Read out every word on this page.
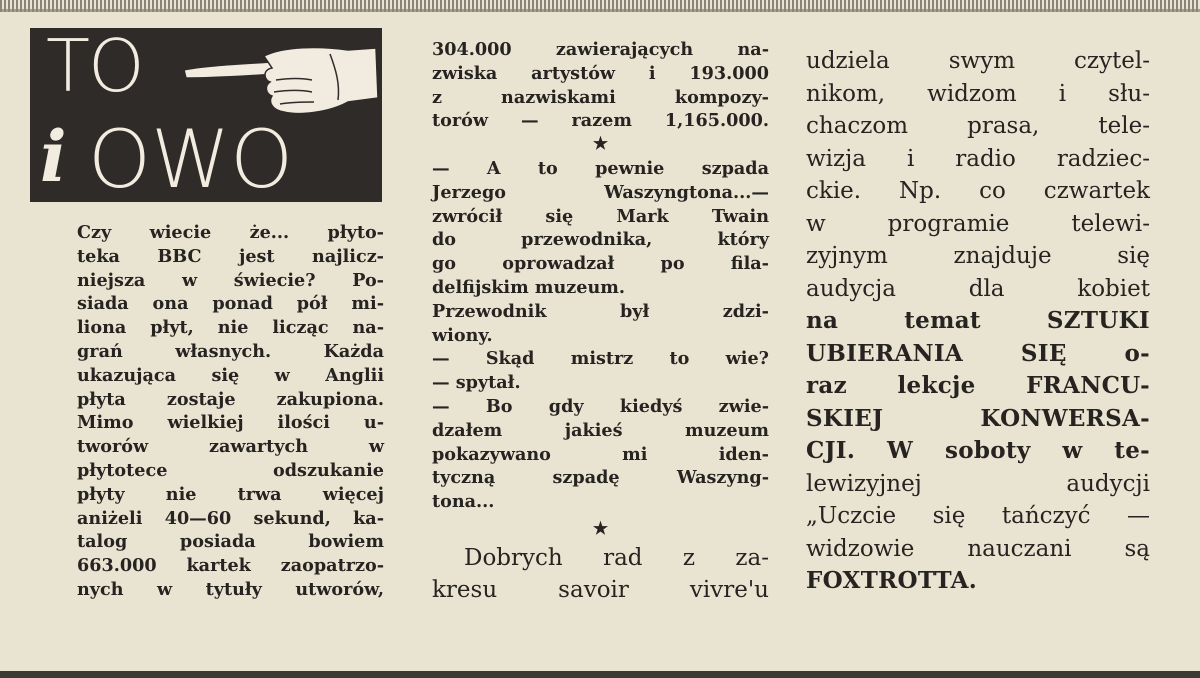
TO
i OWO

Czy wiecie że... płyto-

teka BBC jest najlicz-

niejsza w świecie? Po-

siada ona ponad pół mi-

liona płyt, nie licząc na-

grań własnych. Każda

ukazująca się w Anglii

płyta zostaje zakupiona.

Mimo wielkiej ilości u-

tworów zawartych w

płytotece odszukanie

płyty nie trwa więcej

aniżeli 40—60 sekund, ka-

talog posiada bowiem

663.000 kartek zaopatrzo-

nych w tytuły utworów,

304.000 zawierających na-

zwiska artystów i 193.000

z nazwiskami kompozy-

torów — razem 1,165.000.

★

— A to pewnie szpada

Jerzego Waszyngtona...—

zwrócił się Mark Twain

do przewodnika, który

go oprowadzał po fila-

delfijskim muzeum.

Przewodnik był zdzi-

wiony.

— Skąd mistrz to wie?

— spytał.

— Bo gdy kiedyś zwie-

dzałem jakieś muzeum

pokazywano mi iden-

tyczną szpadę Waszyng-

tona...

★

Dobrych rad z za-

kresu savoir vivre'u

udziela swym czytel-

nikom, widzom i słu-

chaczom prasa, tele-

wizja i radio radziec-

ckie. Np. co czwartek

w programie telewi-

zyjnym znajduje się

audycja dla kobiet

na temat SZTUKI

UBIERANIA SIĘ o-

raz lekcje FRANCU-

SKIEJ KONWERSA-

CJI. W soboty w te-

lewizyjnej audycji

„Uczcie się tańczyć —

widzowie nauczani są

FOXTROTTA.
